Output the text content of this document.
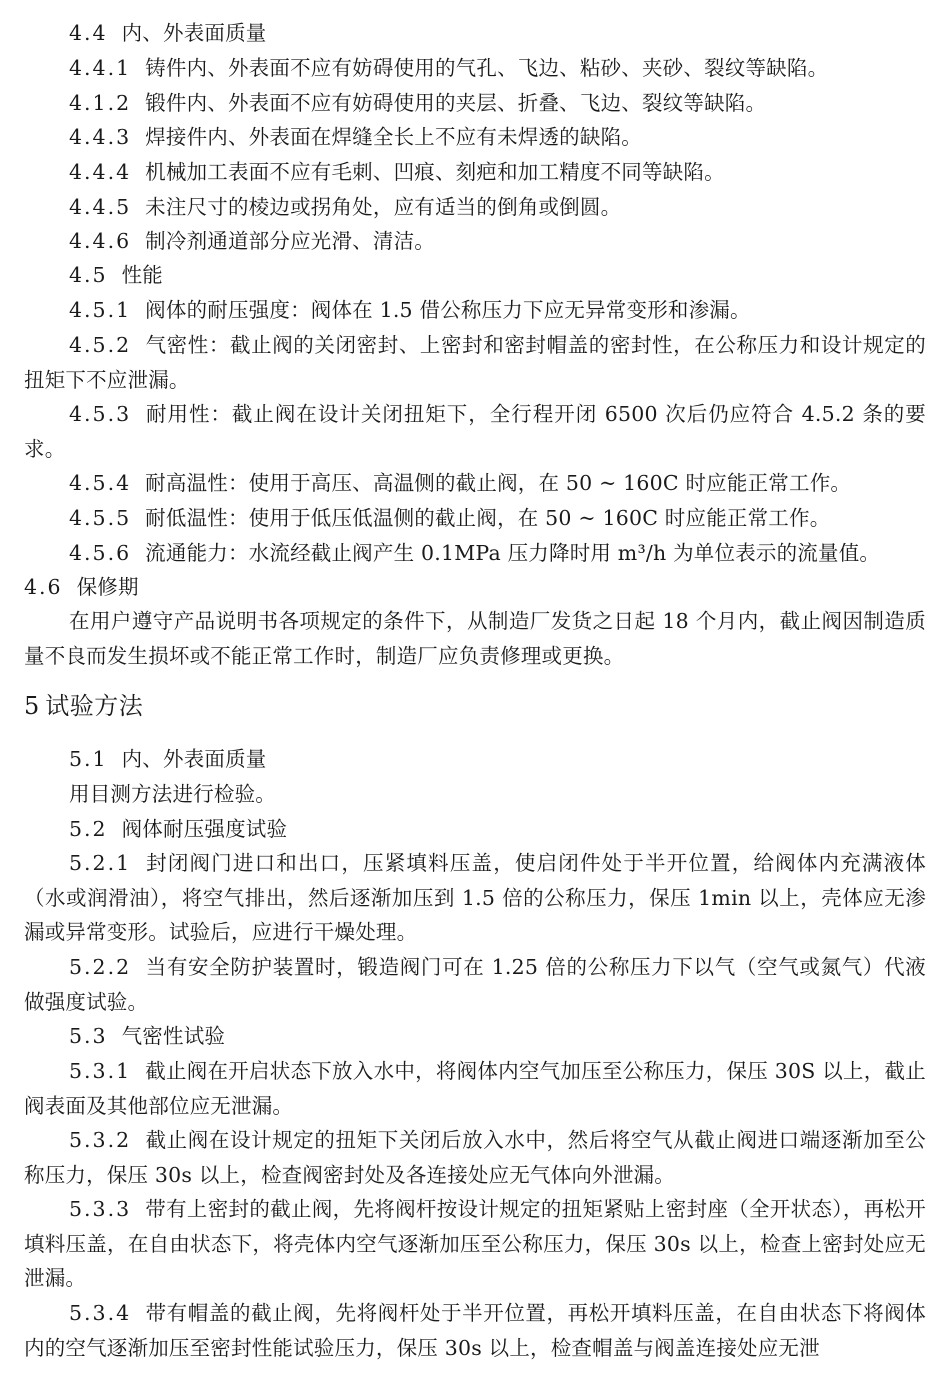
4.4 内、外表面质量
4.4.1 铸件内、外表面不应有妨碍使用的气孔、飞边、粘砂、夹砂、裂纹等缺陷。
4.1.2 锻件内、外表面不应有妨碍使用的夹层、折叠、飞边、裂纹等缺陷。
4.4.3 焊接件内、外表面在焊缝全长上不应有未焊透的缺陷。
4.4.4 机械加工表面不应有毛刺、凹痕、刻疤和加工精度不同等缺陷。
4.4.5 未注尺寸的棱边或拐角处，应有适当的倒角或倒圆。
4.4.6 制冷剂通道部分应光滑、清洁。
4.5 性能
4.5.1 阀体的耐压强度：阀体在 1.5 借公称压力下应无异常变形和渗漏。
4.5.2 气密性：截止阀的关闭密封、上密封和密封帽盖的密封性，在公称压力和设计规定的扭矩下不应泄漏。
4.5.3 耐用性：截止阀在设计关闭扭矩下，全行程开闭 6500 次后仍应符合 4.5.2 条的要求。
4.5.4 耐高温性：使用于高压、高温侧的截止阀，在 50 ~ 160C 时应能正常工作。
4.5.5 耐低温性：使用于低压低温侧的截止阀，在 50 ~ 160C 时应能正常工作。
4.5.6 流通能力：水流经截止阀产生 0.1MPa 压力降时用 m³/h 为单位表示的流量值。
4.6 保修期
在用户遵守产品说明书各项规定的条件下，从制造厂发货之日起 18 个月内，截止阀因制造质量不良而发生损坏或不能正常工作时，制造厂应负责修理或更换。
5 试验方法
5.1 内、外表面质量
用目测方法进行检验。
5.2 阀体耐压强度试验
5.2.1 封闭阀门进口和出口，压紧填料压盖，使启闭件处于半开位置，给阀体内充满液体（水或润滑油），将空气排出，然后逐渐加压到 1.5 倍的公称压力，保压 1min 以上，壳体应无渗漏或异常变形。试验后，应进行干燥处理。
5.2.2 当有安全防护装置时，锻造阀门可在 1.25 倍的公称压力下以气（空气或氮气）代液做强度试验。
5.3 气密性试验
5.3.1 截止阀在开启状态下放入水中，将阀体内空气加压至公称压力，保压 30S 以上，截止阀表面及其他部位应无泄漏。
5.3.2 截止阀在设计规定的扭矩下关闭后放入水中，然后将空气从截止阀进口端逐渐加至公称压力，保压 30s 以上，检查阀密封处及各连接处应无气体向外泄漏。
5.3.3 带有上密封的截止阀，先将阀杆按设计规定的扭矩紧贴上密封座（全开状态），再松开填料压盖，在自由状态下，将壳体内空气逐渐加压至公称压力，保压 30s 以上，检查上密封处应无泄漏。
5.3.4 带有帽盖的截止阀，先将阀杆处于半开位置，再松开填料压盖，在自由状态下将阀体内的空气逐渐加压至密封性能试验压力，保压 30s 以上，检查帽盖与阀盖连接处应无泄
